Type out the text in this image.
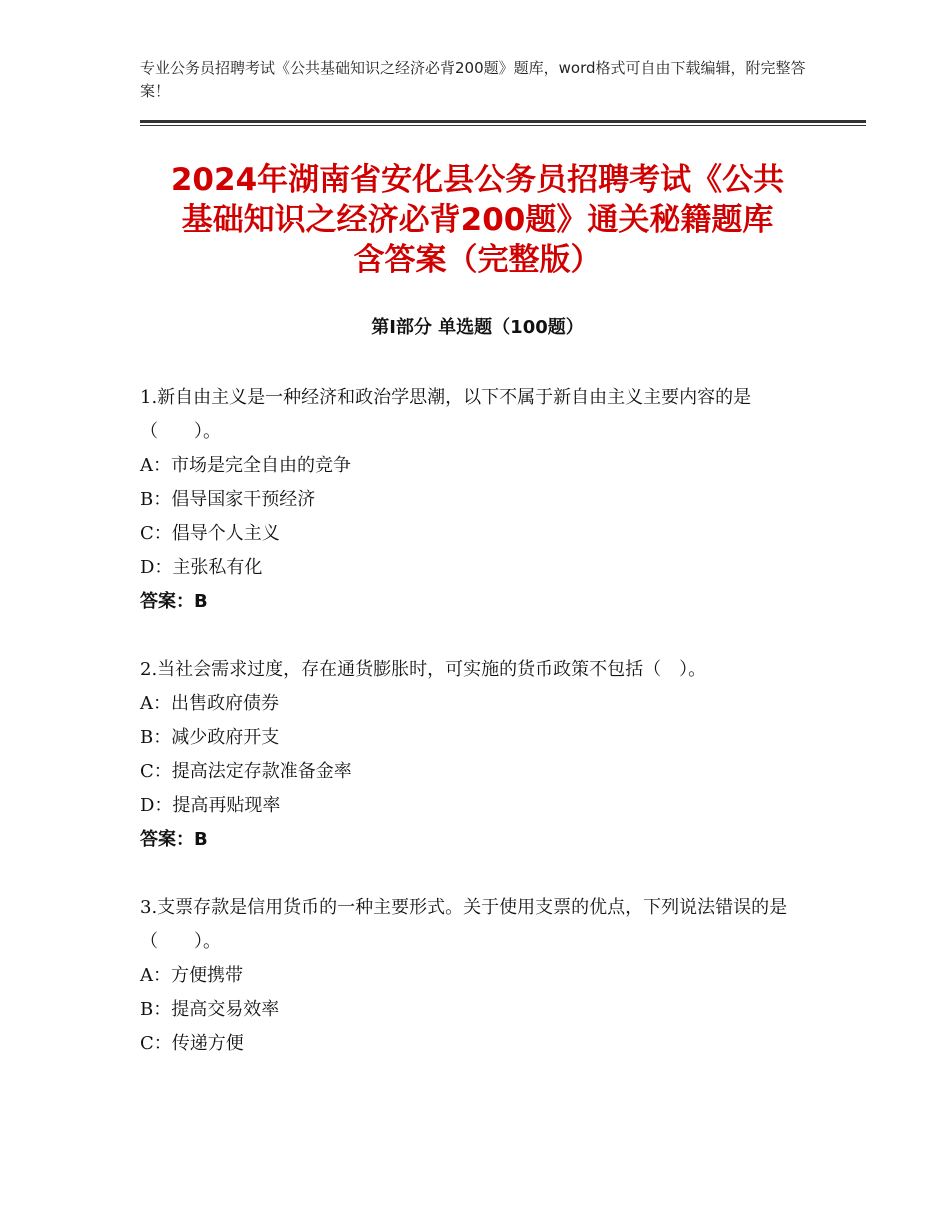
专业公务员招聘考试《公共基础知识之经济必背200题》题库，word格式可自由下载编辑，附完整答案！
2024年湖南省安化县公务员招聘考试《公共
基础知识之经济必背200题》通关秘籍题库
含答案（完整版）
第Ⅰ部分 单选题（100题）
1.新自由主义是一种经济和政治学思潮，以下不属于新自由主义主要内容的是（　　）。
A：市场是完全自由的竞争
B：倡导国家干预经济
C：倡导个人主义
D：主张私有化
答案：B
2.当社会需求过度，存在通货膨胀时，可实施的货币政策不包括（　）。
A：出售政府债券
B：减少政府开支
C：提高法定存款准备金率
D：提高再贴现率
答案：B
3.支票存款是信用货币的一种主要形式。关于使用支票的优点，下列说法错误的是（　　）。
A：方便携带
B：提高交易效率
C：传递方便
